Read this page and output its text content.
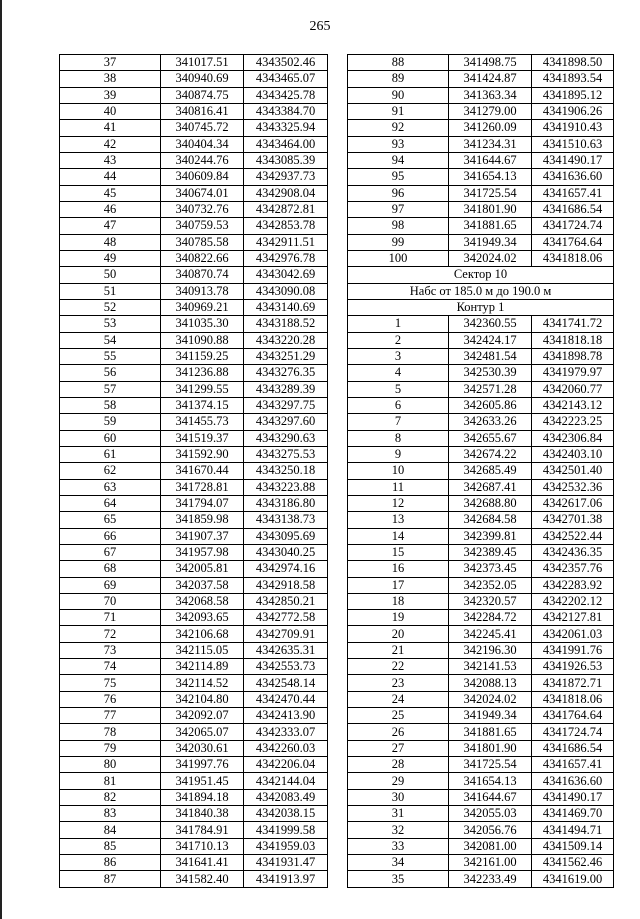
265
37	341017.51	4343502.46
38	340940.69	4343465.07
39	340874.75	4343425.78
40	340816.41	4343384.70
41	340745.72	4343325.94
42	340404.34	4343464.00
43	340244.76	4343085.39
44	340609.84	4342937.73
45	340674.01	4342908.04
46	340732.76	4342872.81
47	340759.53	4342853.78
48	340785.58	4342911.51
49	340822.66	4342976.78
50	340870.74	4343042.69
51	340913.78	4343090.08
52	340969.21	4343140.69
53	341035.30	4343188.52
54	341090.88	4343220.28
55	341159.25	4343251.29
56	341236.88	4343276.35
57	341299.55	4343289.39
58	341374.15	4343297.75
59	341455.73	4343297.60
60	341519.37	4343290.63
61	341592.90	4343275.53
62	341670.44	4343250.18
63	341728.81	4343223.88
64	341794.07	4343186.80
65	341859.98	4343138.73
66	341907.37	4343095.69
67	341957.98	4343040.25
68	342005.81	4342974.16
69	342037.58	4342918.58
70	342068.58	4342850.21
71	342093.65	4342772.58
72	342106.68	4342709.91
73	342115.05	4342635.31
74	342114.89	4342553.73
75	342114.52	4342548.14
76	342104.80	4342470.44
77	342092.07	4342413.90
78	342065.07	4342333.07
79	342030.61	4342260.03
80	341997.76	4342206.04
81	341951.45	4342144.04
82	341894.18	4342083.49
83	341840.38	4342038.15
84	341784.91	4341999.58
85	341710.13	4341959.03
86	341641.41	4341931.47
87	341582.40	4341913.97
88	341498.75	4341898.50
89	341424.87	4341893.54
90	341363.34	4341895.12
91	341279.00	4341906.26
92	341260.09	4341910.43
93	341234.31	4341510.63
94	341644.67	4341490.17
95	341654.13	4341636.60
96	341725.54	4341657.41
97	341801.90	4341686.54
98	341881.65	4341724.74
99	341949.34	4341764.64
100	342024.02	4341818.06
Сектор 10		
Набс от 185.0 м до 190.0 м		
Контур 1		
1	342360.55	4341741.72
2	342424.17	4341818.18
3	342481.54	4341898.78
4	342530.39	4341979.97
5	342571.28	4342060.77
6	342605.86	4342143.12
7	342633.26	4342223.25
8	342655.67	4342306.84
9	342674.22	4342403.10
10	342685.49	4342501.40
11	342687.41	4342532.36
12	342688.80	4342617.06
13	342684.58	4342701.38
14	342399.81	4342522.44
15	342389.45	4342436.35
16	342373.45	4342357.76
17	342352.05	4342283.92
18	342320.57	4342202.12
19	342284.72	4342127.81
20	342245.41	4342061.03
21	342196.30	4341991.76
22	342141.53	4341926.53
23	342088.13	4341872.71
24	342024.02	4341818.06
25	341949.34	4341764.64
26	341881.65	4341724.74
27	341801.90	4341686.54
28	341725.54	4341657.41
29	341654.13	4341636.60
30	341644.67	4341490.17
31	342055.03	4341469.70
32	342056.76	4341494.71
33	342081.00	4341509.14
34	342161.00	4341562.46
35	342233.49	4341619.00
